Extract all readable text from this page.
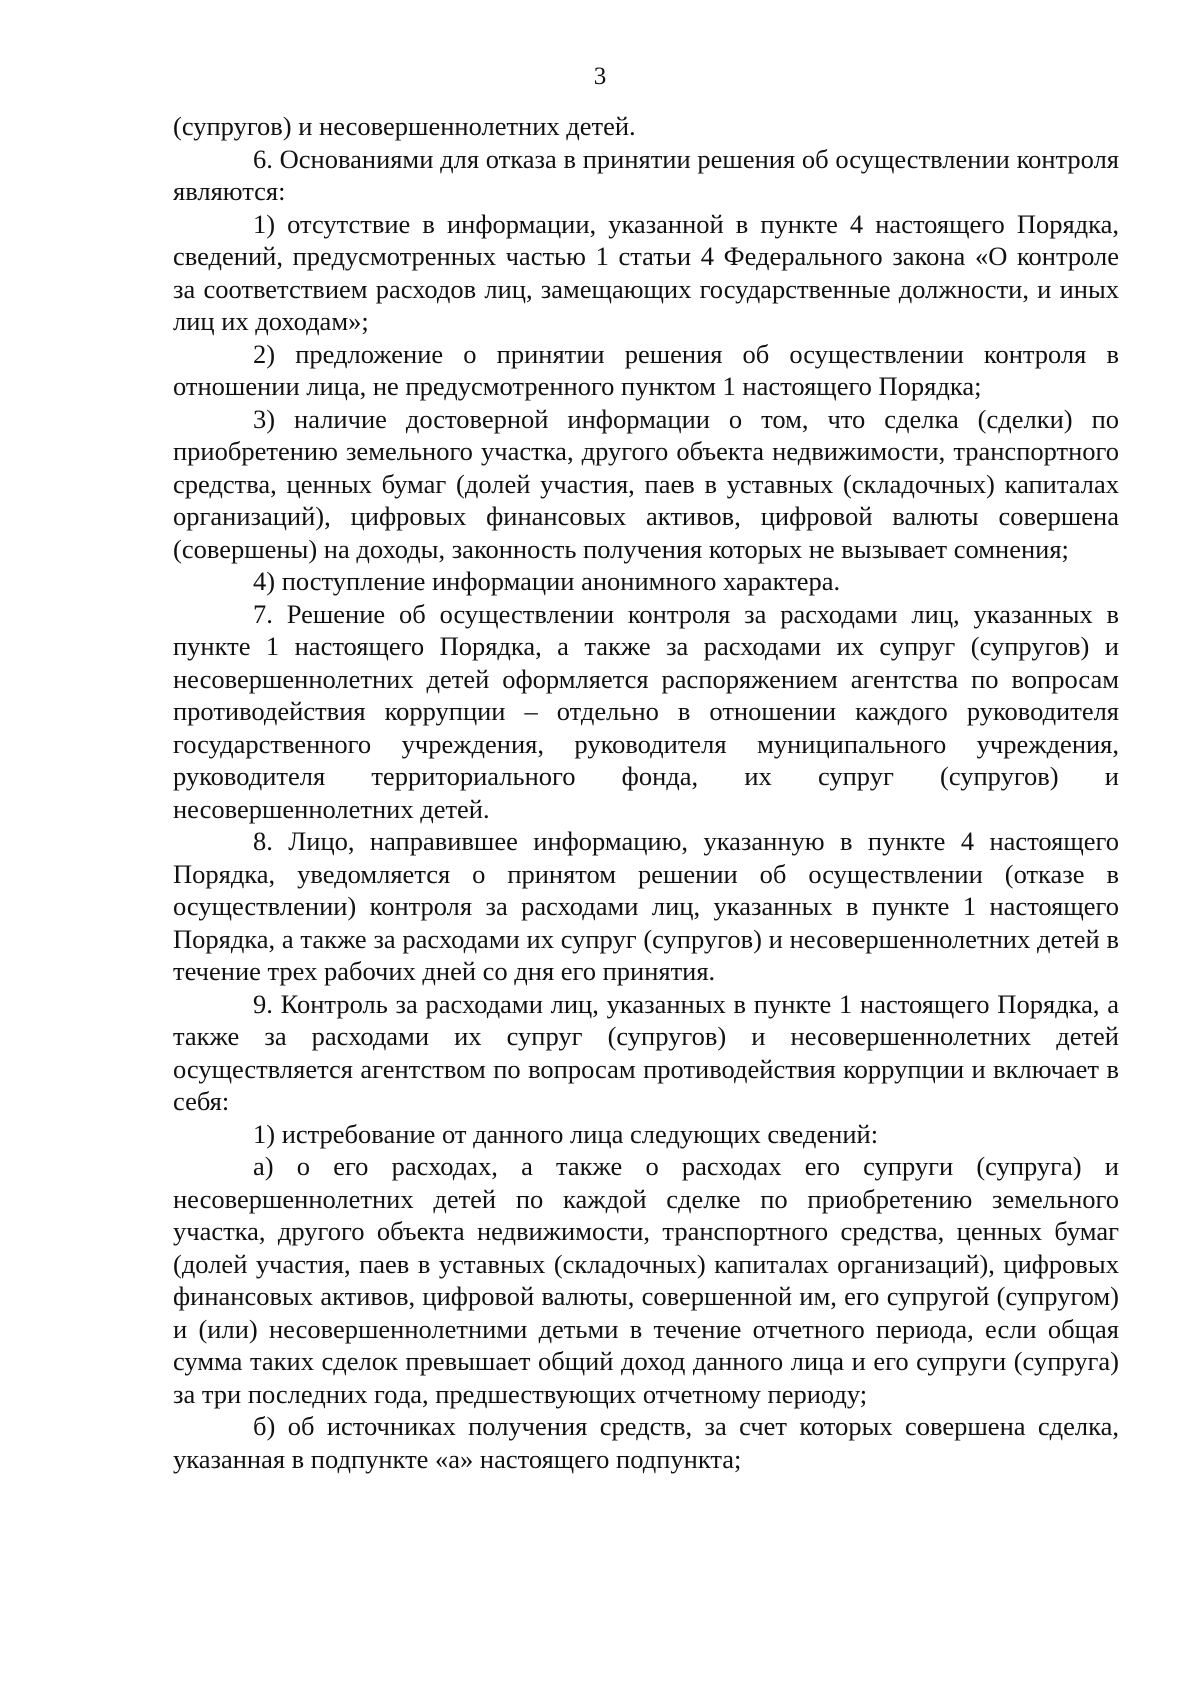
3

(супругов) и несовершеннолетних детей.

6. Основаниями для отказа в принятии решения об осуществлении контроля являются:

1) отсутствие в информации, указанной в пункте 4 настоящего Порядка, сведений, предусмотренных частью 1 статьи 4 Федерального закона «О контроле за соответствием расходов лиц, замещающих государственные должности, и иных лиц их доходам»;

2) предложение о принятии решения об осуществлении контроля в отношении лица, не предусмотренного пунктом 1 настоящего Порядка;

3) наличие достоверной информации о том, что сделка (сделки) по приобретению земельного участка, другого объекта недвижимости, транспортного средства, ценных бумаг (долей участия, паев в уставных (складочных) капиталах организаций), цифровых финансовых активов, цифровой валюты совершена (совершены) на доходы, законность получения которых не вызывает сомнения;

4) поступление информации анонимного характера.

7. Решение об осуществлении контроля за расходами лиц, указанных в пункте 1 настоящего Порядка, а также за расходами их супруг (супругов) и несовершеннолетних детей оформляется распоряжением агентства по вопросам противодействия коррупции – отдельно в отношении каждого руководителя государственного учреждения, руководителя муниципального учреждения, руководителя территориального фонда, их супруг (супругов) и несовершеннолетних детей.

8. Лицо, направившее информацию, указанную в пункте 4 настоящего Порядка, уведомляется о принятом решении об осуществлении (отказе в осуществлении) контроля за расходами лиц, указанных в пункте 1 настоящего Порядка, а также за расходами их супруг (супругов) и несовершеннолетних детей в течение трех рабочих дней со дня его принятия.

9. Контроль за расходами лиц, указанных в пункте 1 настоящего Порядка, а также за расходами их супруг (супругов) и несовершеннолетних детей осуществляется агентством по вопросам противодействия коррупции и включает в себя:

1) истребование от данного лица следующих сведений:

а) о его расходах, а также о расходах его супруги (супруга) и несовершеннолетних детей по каждой сделке по приобретению земельного участка, другого объекта недвижимости, транспортного средства, ценных бумаг (долей участия, паев в уставных (складочных) капиталах организаций), цифровых финансовых активов, цифровой валюты, совершенной им, его супругой (супругом) и (или) несовершеннолетними детьми в течение отчетного периода, если общая сумма таких сделок превышает общий доход данного лица и его супруги (супруга) за три последних года, предшествующих отчетному периоду;

б) об источниках получения средств, за счет которых совершена сделка, указанная в подпункте «а» настоящего подпункта;
